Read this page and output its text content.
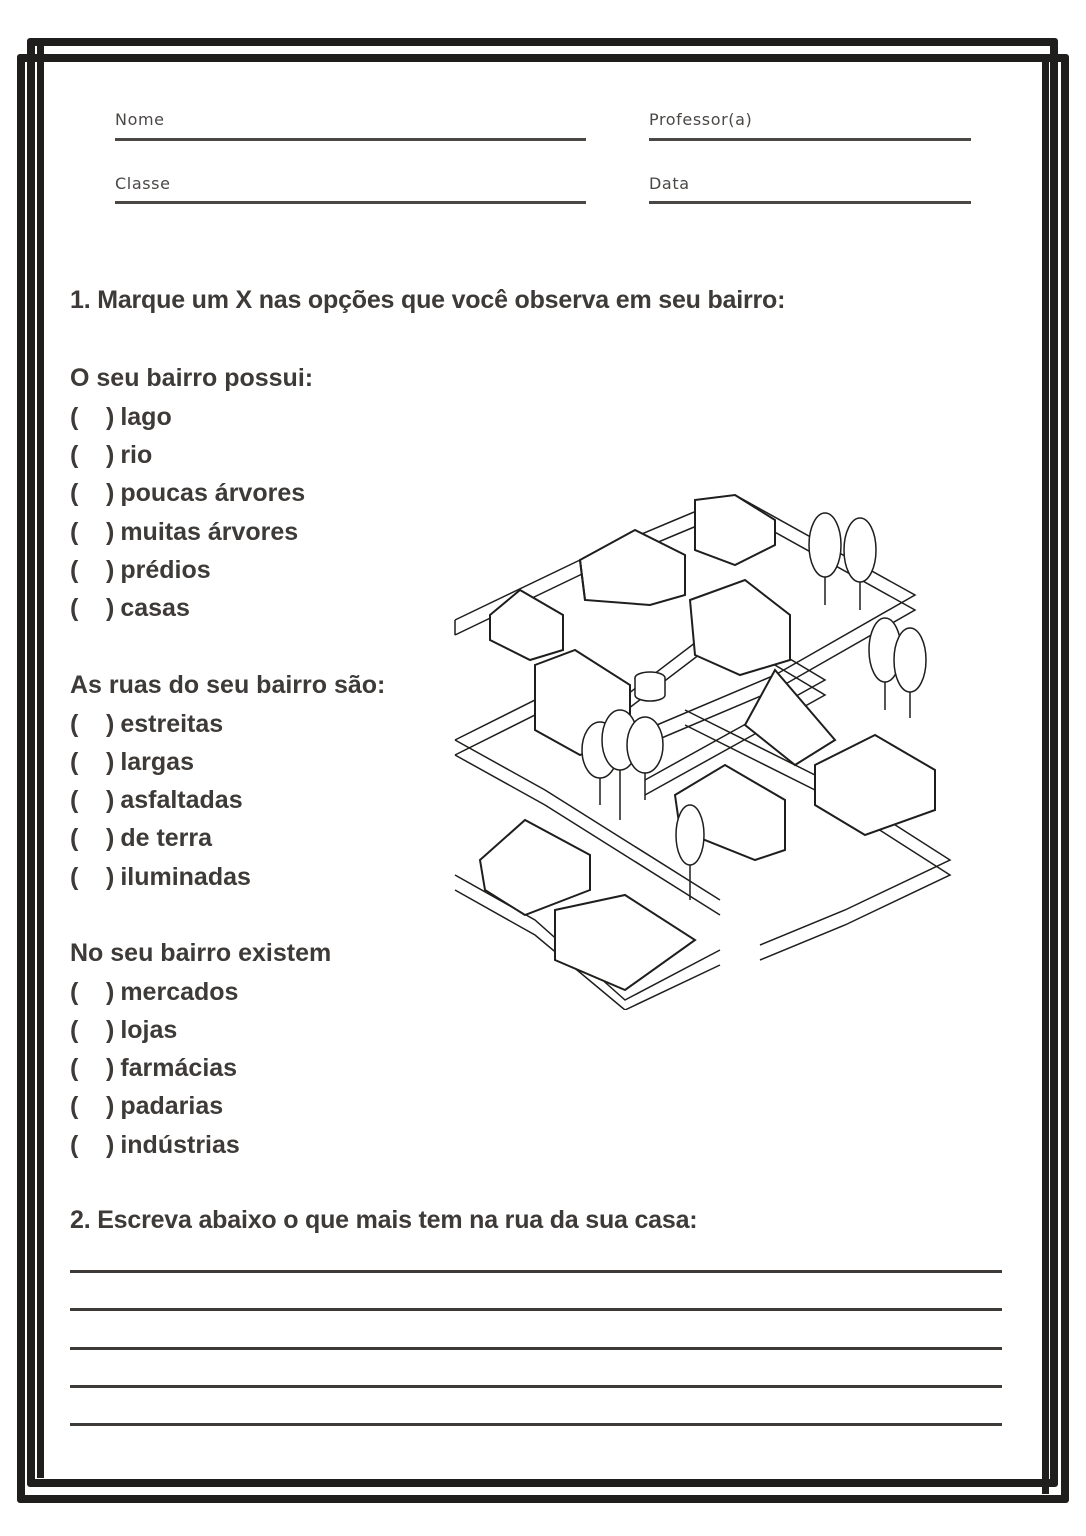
Nome	Professor(a)
Classe	Data
1. Marque um X nas opções que você observa em seu bairro:
O seu bairro possui:
(	) lago
(	) rio
(	) poucas árvores
(	) muitas árvores
(	) prédios
(	) casas
As ruas do seu bairro são:
(	) estreitas
(	) largas
(	) asfaltadas
(	) de terra
(	) iluminadas
No seu bairro existem
(	) mercados
(	) lojas
(	) farmácias
(	) padarias
(	) indústrias
2. Escreva abaixo o que mais tem na rua da sua casa:
